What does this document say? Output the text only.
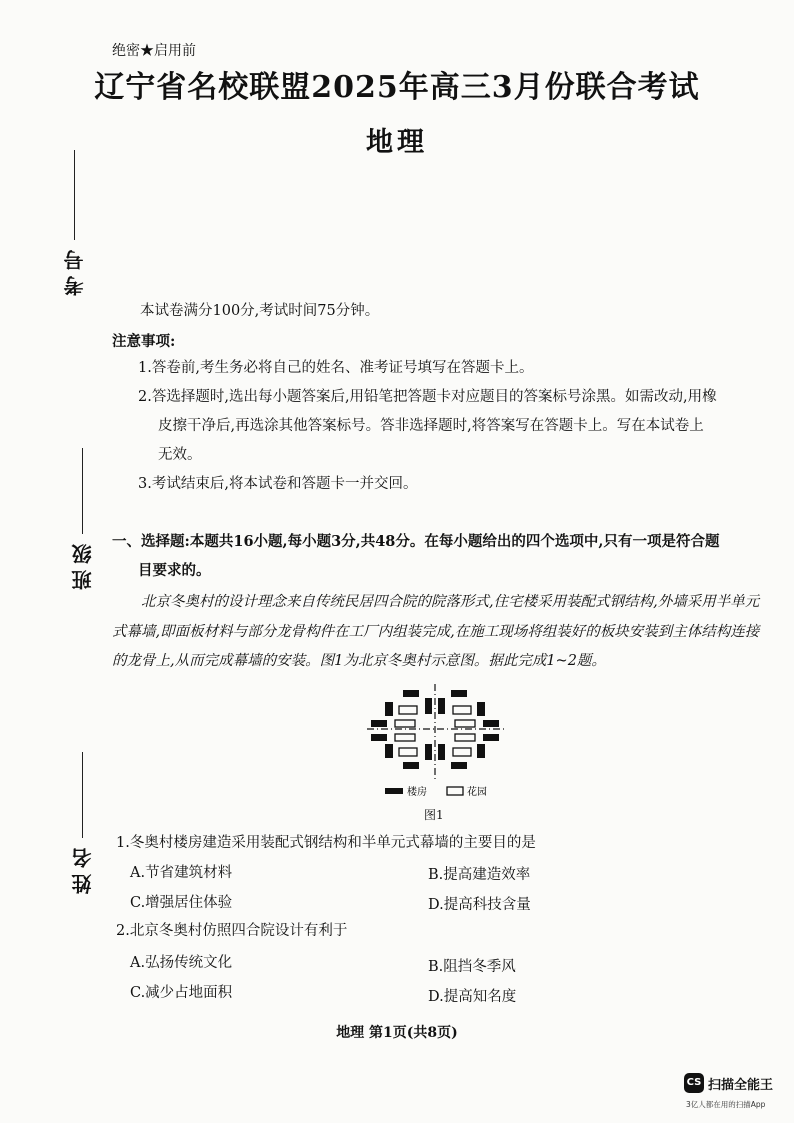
绝密★启用前
辽宁省名校联盟2025年高三3月份联合考试
地理
考号
班级
姓名
本试卷满分100分,考试时间75分钟。
注意事项:
1.答卷前,考生务必将自己的姓名、准考证号填写在答题卡上。
2.答选择题时,选出每小题答案后,用铅笔把答题卡对应题目的答案标号涂黑。如需改动,用橡
皮擦干净后,再选涂其他答案标号。答非选择题时,将答案写在答题卡上。写在本试卷上
无效。
3.考试结束后,将本试卷和答题卡一并交回。
一、选择题:本题共16小题,每小题3分,共48分。在每小题给出的四个选项中,只有一项是符合题
目要求的。
北京冬奥村的设计理念来自传统民居四合院的院落形式,住宅楼采用装配式钢结构,外墙采用半单元式幕墙,即面板材料与部分龙骨构件在工厂内组装完成,在施工现场将组装好的板块安装到主体结构连接的龙骨上,从而完成幕墙的安装。图1为北京冬奥村示意图。据此完成1~2题。
楼房	花园
图1
1.冬奥村楼房建造采用装配式钢结构和半单元式幕墙的主要目的是
A.节省建筑材料	B.提高建造效率
C.增强居住体验	D.提高科技含量
2.北京冬奥村仿照四合院设计有利于
A.弘扬传统文化	B.阻挡冬季风
C.减少占地面积	D.提高知名度
地理 第1页(共8页)
CS 扫描全能王
3亿人都在用的扫描App
